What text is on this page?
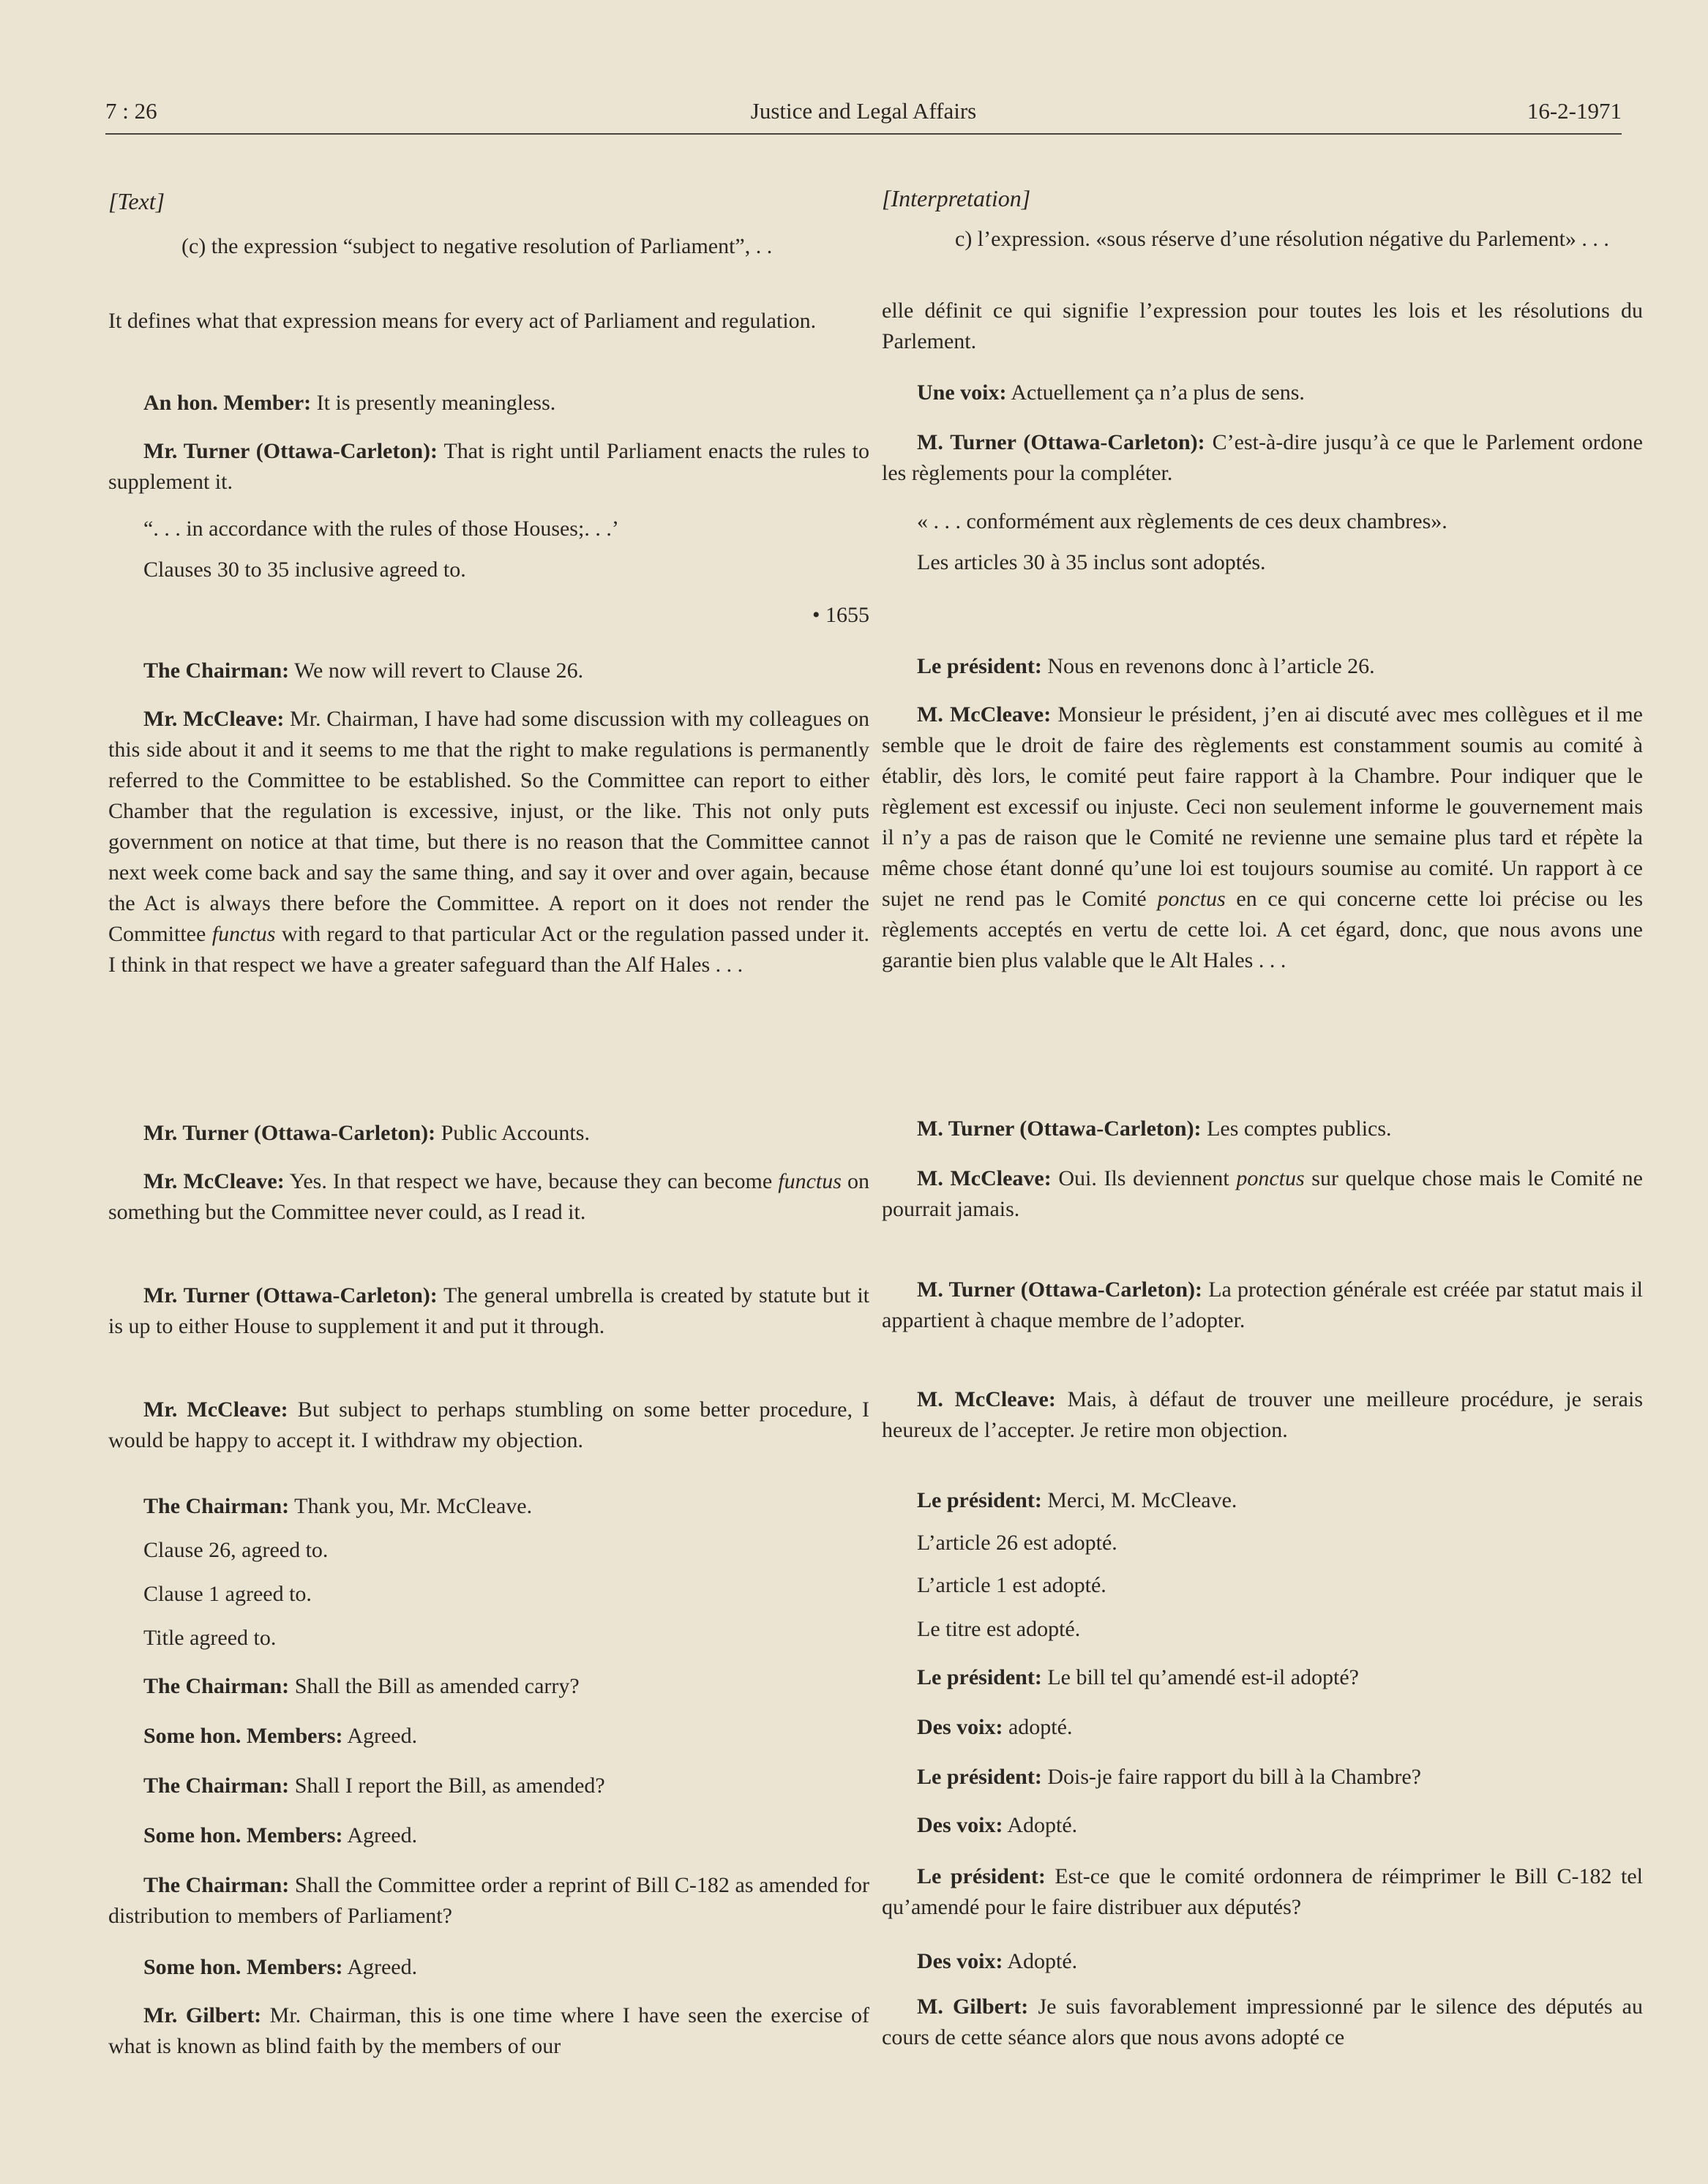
7 : 26	Justice and Legal Affairs	16-2-1971

[Text]

(c) the expression “subject to negative resolution of Parliament”, . .

It defines what that expression means for every act of Parliament and regulation.

An hon. Member: It is presently meaningless.

Mr. Turner (Ottawa-Carleton): That is right until Parliament enacts the rules to supplement it.

“. . . in accordance with the rules of those Houses;. . .’

Clauses 30 to 35 inclusive agreed to.

• 1655

The Chairman: We now will revert to Clause 26.

Mr. McCleave: Mr. Chairman, I have had some discussion with my colleagues on this side about it and it seems to me that the right to make regulations is permanently referred to the Committee to be established. So the Committee can report to either Chamber that the regulation is excessive, injust, or the like. This not only puts government on notice at that time, but there is no reason that the Committee cannot next week come back and say the same thing, and say it over and over again, because the Act is always there before the Committee. A report on it does not render the Committee functus with regard to that particular Act or the regulation passed under it. I think in that respect we have a greater safeguard than the Alf Hales . . .

Mr. Turner (Ottawa-Carleton): Public Accounts.

Mr. McCleave: Yes. In that respect we have, because they can become functus on something but the Committee never could, as I read it.

Mr. Turner (Ottawa-Carleton): The general umbrella is created by statute but it is up to either House to supplement it and put it through.

Mr. McCleave: But subject to perhaps stumbling on some better procedure, I would be happy to accept it. I withdraw my objection.

The Chairman: Thank you, Mr. McCleave.

Clause 26, agreed to.

Clause 1 agreed to.

Title agreed to.

The Chairman: Shall the Bill as amended carry?

Some hon. Members: Agreed.

The Chairman: Shall I report the Bill, as amended?

Some hon. Members: Agreed.

The Chairman: Shall the Committee order a reprint of Bill C-182 as amended for distribution to members of Parliament?

Some hon. Members: Agreed.

Mr. Gilbert: Mr. Chairman, this is one time where I have seen the exercise of what is known as blind faith by the members of our

[Interpretation]

c) l’expression. «sous réserve d’une résolution négative du Parlement» . . .

elle définit ce qui signifie l’expression pour toutes les lois et les résolutions du Parlement.

Une voix: Actuellement ça n’a plus de sens.

M. Turner (Ottawa-Carleton): C’est-à-dire jusqu’à ce que le Parlement ordone les règlements pour la compléter.

« . . . conformément aux règlements de ces deux chambres».

Les articles 30 à 35 inclus sont adoptés.

Le président: Nous en revenons donc à l’article 26.

M. McCleave: Monsieur le président, j’en ai discuté avec mes collègues et il me semble que le droit de faire des règlements est constamment soumis au comité à établir, dès lors, le comité peut faire rapport à la Chambre. Pour indiquer que le règlement est excessif ou injuste. Ceci non seulement informe le gouvernement mais il n’y a pas de raison que le Comité ne revienne une semaine plus tard et répète la même chose étant donné qu’une loi est toujours soumise au comité. Un rapport à ce sujet ne rend pas le Comité ponctus en ce qui concerne cette loi précise ou les règlements acceptés en vertu de cette loi. A cet égard, donc, que nous avons une garantie bien plus valable que le Alt Hales . . .

M. Turner (Ottawa-Carleton): Les comptes publics.

M. McCleave: Oui. Ils deviennent ponctus sur quelque chose mais le Comité ne pourrait jamais.

M. Turner (Ottawa-Carleton): La protection générale est créée par statut mais il appartient à chaque membre de l’adopter.

M. McCleave: Mais, à défaut de trouver une meilleure procédure, je serais heureux de l’accepter. Je retire mon objection.

Le président: Merci, M. McCleave.

L’article 26 est adopté.

L’article 1 est adopté.

Le titre est adopté.

Le président: Le bill tel qu’amendé est-il adopté?

Des voix: adopté.

Le président: Dois-je faire rapport du bill à la Chambre?

Des voix: Adopté.

Le président: Est-ce que le comité ordonnera de réimprimer le Bill C-182 tel qu’amendé pour le faire distribuer aux députés?

Des voix: Adopté.

M. Gilbert: Je suis favorablement impressionné par le silence des députés au cours de cette séance alors que nous avons adopté ce
